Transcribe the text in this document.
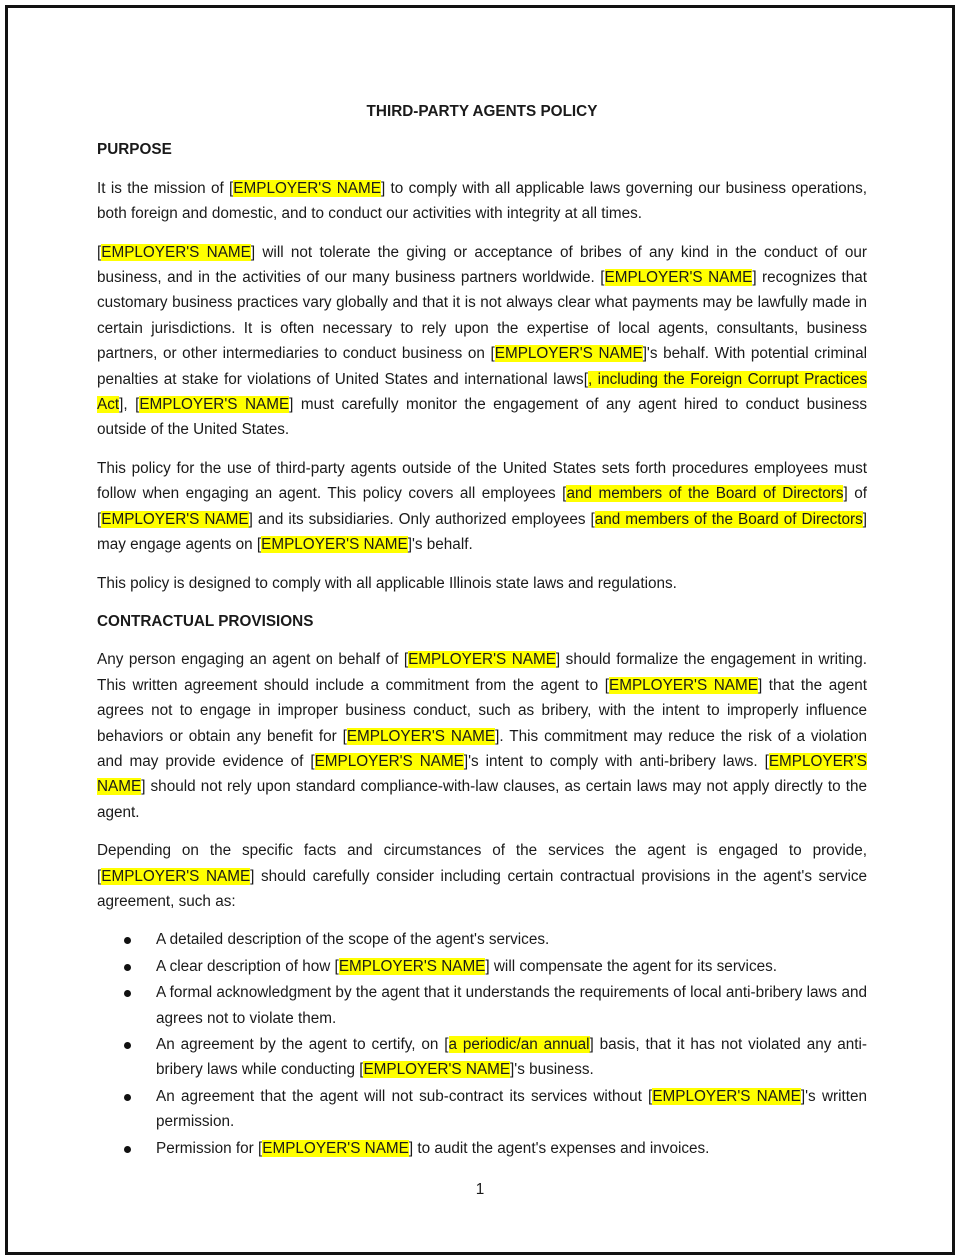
THIRD-PARTY AGENTS POLICY
PURPOSE
It is the mission of [EMPLOYER'S NAME] to comply with all applicable laws governing our business operations, both foreign and domestic, and to conduct our activities with integrity at all times.
[EMPLOYER'S NAME] will not tolerate the giving or acceptance of bribes of any kind in the conduct of our business, and in the activities of our many business partners worldwide. [EMPLOYER'S NAME] recognizes that customary business practices vary globally and that it is not always clear what payments may be lawfully made in certain jurisdictions. It is often necessary to rely upon the expertise of local agents, consultants, business partners, or other intermediaries to conduct business on [EMPLOYER'S NAME]'s behalf. With potential criminal penalties at stake for violations of United States and international laws[, including the Foreign Corrupt Practices Act], [EMPLOYER'S NAME] must carefully monitor the engagement of any agent hired to conduct business outside of the United States.
This policy for the use of third-party agents outside of the United States sets forth procedures employees must follow when engaging an agent. This policy covers all employees [and members of the Board of Directors] of [EMPLOYER'S NAME] and its subsidiaries. Only authorized employees [and members of the Board of Directors] may engage agents on [EMPLOYER'S NAME]'s behalf.
This policy is designed to comply with all applicable Illinois state laws and regulations.
CONTRACTUAL PROVISIONS
Any person engaging an agent on behalf of [EMPLOYER'S NAME] should formalize the engagement in writing. This written agreement should include a commitment from the agent to [EMPLOYER'S NAME] that the agent agrees not to engage in improper business conduct, such as bribery, with the intent to improperly influence behaviors or obtain any benefit for [EMPLOYER'S NAME]. This commitment may reduce the risk of a violation and may provide evidence of [EMPLOYER'S NAME]'s intent to comply with anti-bribery laws. [EMPLOYER'S NAME] should not rely upon standard compliance-with-law clauses, as certain laws may not apply directly to the agent.
Depending on the specific facts and circumstances of the services the agent is engaged to provide, [EMPLOYER'S NAME] should carefully consider including certain contractual provisions in the agent's service agreement, such as:
A detailed description of the scope of the agent's services.
A clear description of how [EMPLOYER'S NAME] will compensate the agent for its services.
A formal acknowledgment by the agent that it understands the requirements of local anti-bribery laws and agrees not to violate them.
An agreement by the agent to certify, on [a periodic/an annual] basis, that it has not violated any anti-bribery laws while conducting [EMPLOYER'S NAME]'s business.
An agreement that the agent will not sub-contract its services without [EMPLOYER'S NAME]'s written permission.
Permission for [EMPLOYER'S NAME] to audit the agent's expenses and invoices.
1
